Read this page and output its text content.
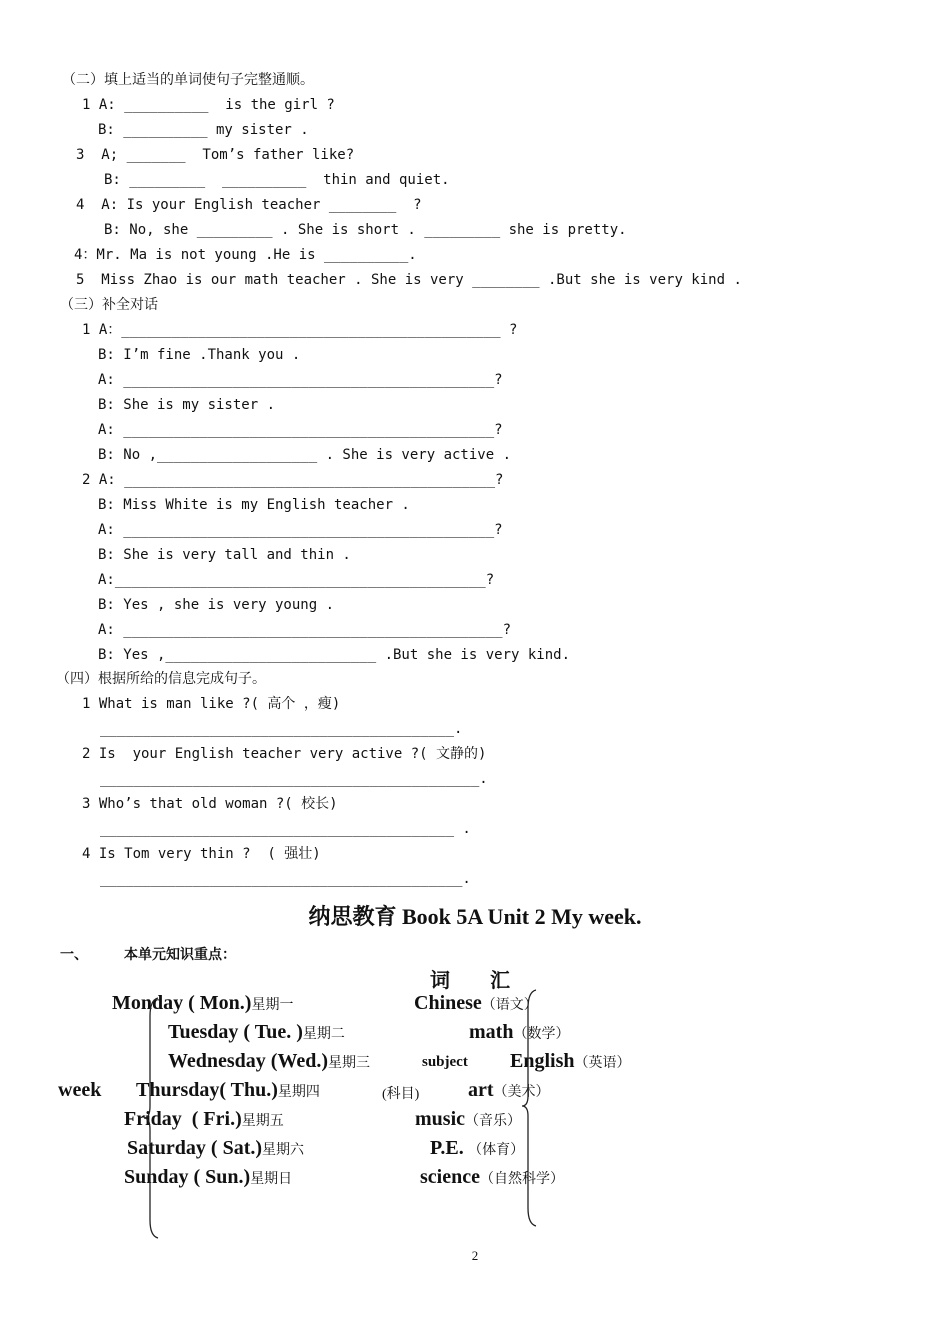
（二）填上适当的单词使句子完整通顺。
1 A: __________  is the girl ?
B: __________ my sister .
3  A; _______  Tom’s father like?
B: _________  __________  thin and quiet.
4  A: Is your English teacher ________  ?
B: No, she _________ . She is short . _________ she is pretty.
4：Mr. Ma is not young .He is __________.
5  Miss Zhao is our math teacher . She is very ________ .But she is very kind .
（三）补全对话
1 A：_____________________________________________ ?
B: I’m fine .Thank you .
A: ____________________________________________?
B: She is my sister .
A: ____________________________________________?
B: No ,___________________ . She is very active .
2 A: ____________________________________________?
B: Miss White is my English teacher .
A: ____________________________________________?
B: She is very tall and thin .
A:____________________________________________?
B: Yes , she is very young .
A: _____________________________________________?
B: Yes ,_________________________ .But she is very kind.
（四）根据所给的信息完成句子。
1 What is man like ?( 高个 ，瘦)
__________________________________________.
2 Is  your English teacher very active ?( 文静的)
_____________________________________________.
3 Who’s that old woman ?( 校长)
__________________________________________ .
4 Is Tom very thin ?  ( 强壮)
___________________________________________.
纳思教育 Book 5A Unit 2 My week.
一、	本单元知识重点：
词 汇
week
subject
(科目)
Monday ( Mon.)星期一
Tuesday ( Tue. )星期二
Wednesday (Wed.)星期三
Thursday( Thu.)星期四
Friday  ( Fri.)星期五
Saturday ( Sat.)星期六
Sunday ( Sun.)星期日
Chinese（语文）
math（数学）
English（英语）
art（美术）
music（音乐）
P.E. （体育）
science（自然科学）
2
